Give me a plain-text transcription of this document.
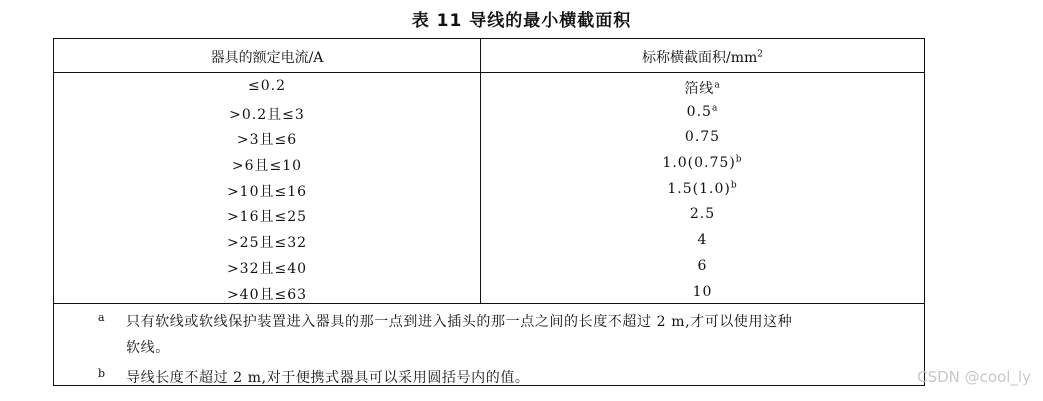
表 11 导线的最小横截面积
器具的额定电流/A	标称横截面积$/mm^2$
≤0.2	箔线$^a$
>0.2且≤3	0.5$^a$
>3且≤6	0.75
>6且≤10	$1.0(0.75)^b$
>10且≤16	$1.5(1.0)^b$
>16且≤25	2.5
>25且≤32	4
>32且≤40	6
>40且≤63	10
a 只有软线或软线保护装置进入器具的那一点到进入插头的那一点之间的长度不超过 2 m,才可以使用这种
软线。
b 导线长度不超过 2 m,对于便携式器具可以采用圆括号内的值。	CSDN @cool_ly
